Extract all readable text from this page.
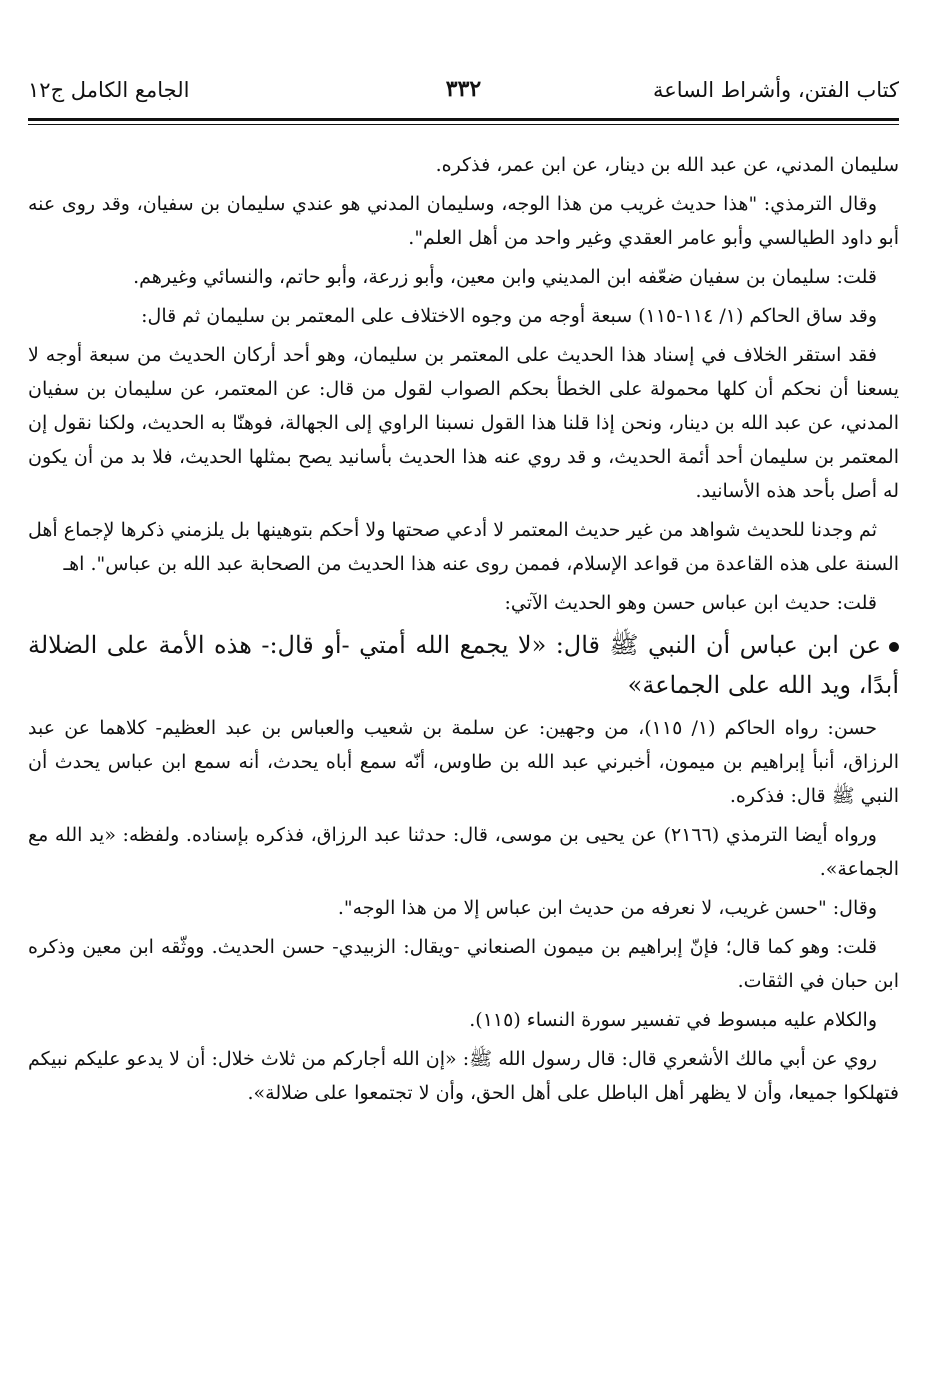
كتاب الفتن، وأشراط الساعة
٣٣٢
الجامع الكامل ج١٢

سليمان المدني، عن عبد الله بن دينار، عن ابن عمر، فذكره.

وقال الترمذي: "هذا حديث غريب من هذا الوجه، وسليمان المدني هو عندي سليمان بن سفيان، وقد روى عنه أبو داود الطيالسي وأبو عامر العقدي وغير واحد من أهل العلم".

قلت: سليمان بن سفيان ضعّفه ابن المديني وابن معين، وأبو زرعة، وأبو حاتم، والنسائي وغيرهم.

وقد ساق الحاكم (١/ ١١٤-١١٥) سبعة أوجه من وجوه الاختلاف على المعتمر بن سليمان ثم قال:

فقد استقر الخلاف في إسناد هذا الحديث على المعتمر بن سليمان، وهو أحد أركان الحديث من سبعة أوجه لا يسعنا أن نحكم أن كلها محمولة على الخطأ بحكم الصواب لقول من قال: عن المعتمر، عن سليمان بن سفيان المدني، عن عبد الله بن دينار، ونحن إذا قلنا هذا القول نسبنا الراوي إلى الجهالة، فوهنّا به الحديث، ولكنا نقول إن المعتمر بن سليمان أحد أئمة الحديث، و قد روي عنه هذا الحديث بأسانيد يصح بمثلها الحديث، فلا بد من أن يكون له أصل بأحد هذه الأسانيد.

ثم وجدنا للحديث شواهد من غير حديث المعتمر لا أدعي صحتها ولا أحكم بتوهينها بل يلزمني ذكرها لإجماع أهل السنة على هذه القاعدة من قواعد الإسلام، فممن روى عنه هذا الحديث من الصحابة عبد الله بن عباس". اهـ

قلت: حديث ابن عباس حسن وهو الحديث الآتي:

عن ابن عباس أن النبي ﷺ قال: «لا يجمع الله أمتي -أو قال:- هذه الأمة على الضلالة أبدًا، ويد الله على الجماعة»

حسن: رواه الحاكم (١/ ١١٥)، من وجهين: عن سلمة بن شعيب والعباس بن عبد العظيم- كلاهما عن عبد الرزاق، أنبأ إبراهيم بن ميمون، أخبرني عبد الله بن طاوس، أنّه سمع أباه يحدث، أنه سمع ابن عباس يحدث أن النبي ﷺ قال: فذكره.

ورواه أيضا الترمذي (٢١٦٦) عن يحيى بن موسى، قال: حدثنا عبد الرزاق، فذكره بإسناده. ولفظه: «يد الله مع الجماعة».

وقال: "حسن غريب، لا نعرفه من حديث ابن عباس إلا من هذا الوجه".

قلت: وهو كما قال؛ فإنّ إبراهيم بن ميمون الصنعاني -ويقال: الزبيدي- حسن الحديث. ووثّقه ابن معين وذكره ابن حبان في الثقات.

والكلام عليه مبسوط في تفسير سورة النساء (١١٥).

روي عن أبي مالك الأشعري قال: قال رسول الله ﷺ: «إن الله أجاركم من ثلاث خلال: أن لا يدعو عليكم نبيكم فتهلكوا جميعا، وأن لا يظهر أهل الباطل على أهل الحق، وأن لا تجتمعوا على ضلالة».
